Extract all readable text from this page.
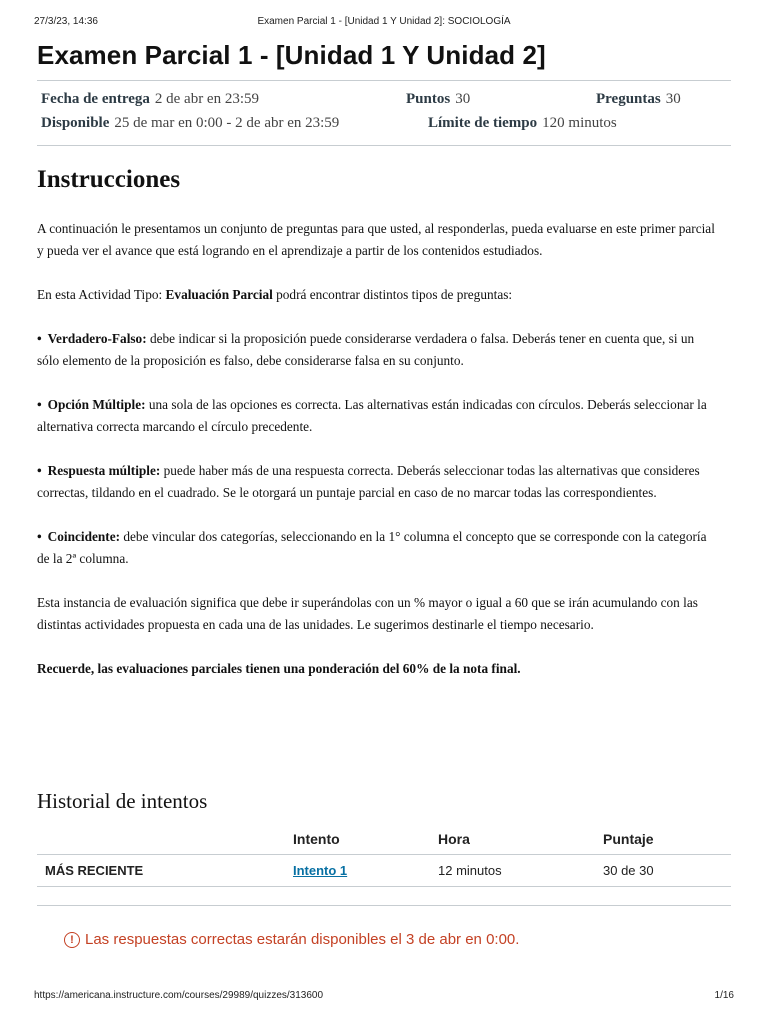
27/3/23, 14:36	Examen Parcial 1 - [Unidad 1 Y Unidad 2]: SOCIOLOGÍA
Examen Parcial 1 - [Unidad 1 Y Unidad 2]
Fecha de entrega 2 de abr en 23:59	Puntos 30	Preguntas 30
Disponible 25 de mar en 0:00 - 2 de abr en 23:59	Límite de tiempo 120 minutos
Instrucciones

A continuación le presentamos un conjunto de preguntas para que usted, al responderlas, pueda evaluarse en este primer parcial y pueda ver el avance que está logrando en el aprendizaje a partir de los contenidos estudiados.

En esta Actividad Tipo: Evaluación Parcial podrá encontrar distintos tipos de preguntas:

• Verdadero-Falso: debe indicar si la proposición puede considerarse verdadera o falsa. Deberás tener en cuenta que, si un sólo elemento de la proposición es falso, debe considerarse falsa en su conjunto.

• Opción Múltiple: una sola de las opciones es correcta. Las alternativas están indicadas con círculos. Deberás seleccionar la alternativa correcta marcando el círculo precedente.

• Respuesta múltiple: puede haber más de una respuesta correcta. Deberás seleccionar todas las alternativas que consideres correctas, tildando en el cuadrado. Se le otorgará un puntaje parcial en caso de no marcar todas las correspondientes.

• Coincidente: debe vincular dos categorías, seleccionando en la 1° columna el concepto que se corresponde con la categoría de la 2ª columna.

Esta instancia de evaluación significa que debe ir superándolas con un % mayor o igual a 60 que se irán acumulando con las distintas actividades propuesta en cada una de las unidades. Le sugerimos destinarle el tiempo necesario.

Recuerde, las evaluaciones parciales tienen una ponderación del 60% de la nota final.

Historial de intentos
	Intento	Hora	Puntaje
MÁS RECIENTE	Intento 1	12 minutos	30 de 30
! Las respuestas correctas estarán disponibles el 3 de abr en 0:00.
https://americana.instructure.com/courses/29989/quizzes/313600	1/16
